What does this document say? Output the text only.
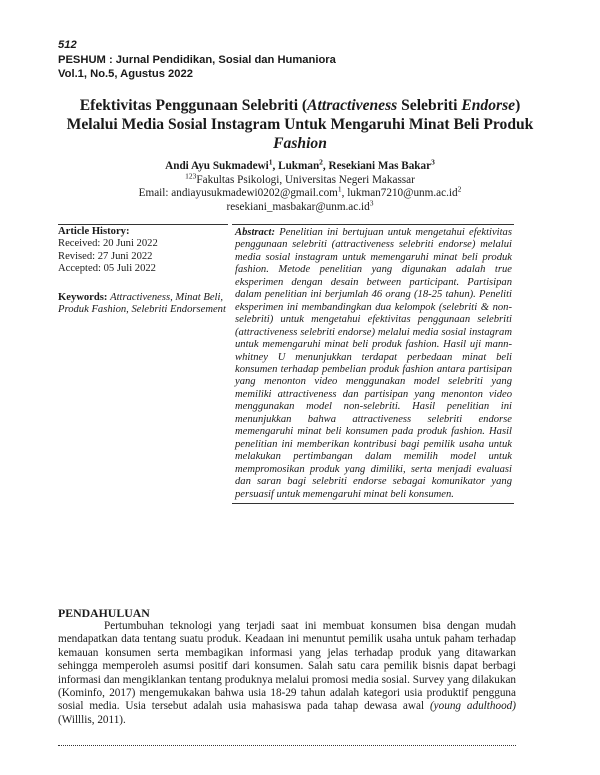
512
PESHUM : Jurnal Pendidikan, Sosial dan Humaniora
Vol.1, No.5, Agustus 2022
Efektivitas Penggunaan Selebriti (Attractiveness Selebriti Endorse) Melalui Media Sosial Instagram Untuk Mengaruhi Minat Beli Produk Fashion
Andi Ayu Sukmadewi$^1$, Lukman$^2$, Resekiani Mas Bakar$^3$
$^{123}$Fakultas Psikologi, Universitas Negeri Makassar
Email: andiayusukmadewi0202@gmail.com$^1$, $lukman7210@unm.ac.id^2$
$resekiani\_masbakar@unm.ac.id^3$
Article History:
Received: 20 Juni 2022
Revised: 27 Juni 2022
Accepted: 05 Juli 2022
Keywords: Attractiveness, Minat Beli, Produk Fashion, Selebriti Endorsement
Abstract: Penelitian ini bertujuan untuk mengetahui efektivitas penggunaan selebriti (attractiveness selebriti endorse) melalui media sosial instagram untuk memengaruhi minat beli produk fashion. Metode penelitian yang digunakan adalah true eksperimen dengan desain between participant. Partisipan dalam penelitian ini berjumlah 46 orang (18-25 tahun). Peneliti eksperimen ini membandingkan dua kelompok (selebriti & non-selebriti) untuk mengetahui efektivitas penggunaan selebriti (attractiveness selebriti endorse) melalui media sosial instagram untuk memengaruhi minat beli produk fashion. Hasil uji mann-whitney U menunjukkan terdapat perbedaan minat beli konsumen terhadap pembelian produk fashion antara partisipan yang menonton video menggunakan model selebriti yang memiliki attractiveness dan partisipan yang menonton video menggunakan model non-selebriti. Hasil penelitian ini menunjukkan bahwa attractiveness selebriti endorse memengaruhi minat beli konsumen pada produk fashion. Hasil penelitian ini memberikan kontribusi bagi pemilik usaha untuk melakukan pertimbangan dalam memilih model untuk mempromosikan produk yang dimiliki, serta menjadi evaluasi dan saran bagi selebriti endorse sebagai komunikator yang persuasif untuk memengaruhi minat beli konsumen.
PENDAHULUAN
Pertumbuhan teknologi yang terjadi saat ini membuat konsumen bisa dengan mudah mendapatkan data tentang suatu produk. Keadaan ini menuntut pemilik usaha untuk paham terhadap kemauan konsumen serta membagikan informasi yang jelas terhadap produk yang ditawarkan sehingga memperoleh asumsi positif dari konsumen. Salah satu cara pemilik bisnis dapat berbagi informasi dan mengiklankan tentang produknya melalui promosi media sosial. Survey yang dilakukan (Kominfo, 2017) mengemukakan bahwa usia 18-29 tahun adalah kategori usia produktif pengguna sosial media. Usia tersebut adalah usia mahasiswa pada tahap dewasa awal (young adulthood) (Willlis, 2011).
